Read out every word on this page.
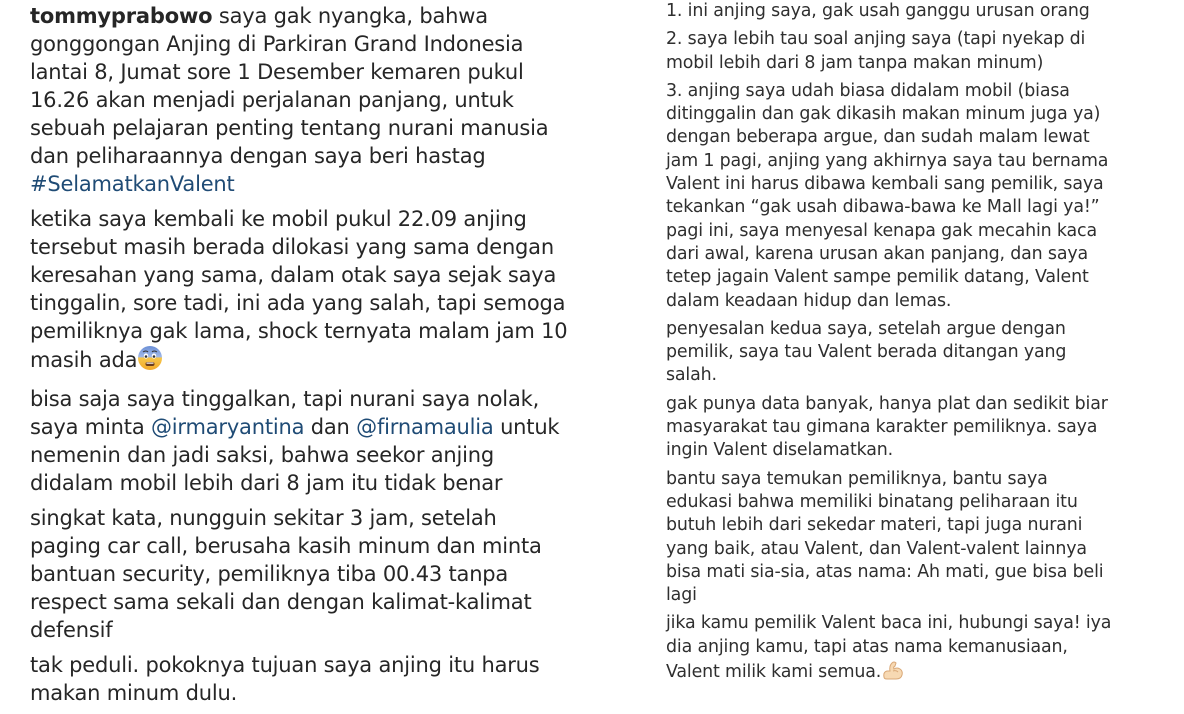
tommyprabowo saya gak nyangka, bahwa
gonggongan Anjing di Parkiran Grand Indonesia
lantai 8, Jumat sore 1 Desember kemaren pukul
16.26 akan menjadi perjalanan panjang, untuk
sebuah pelajaran penting tentang nurani manusia
dan peliharaannya dengan saya beri hastag
#SelamatkanValent

ketika saya kembali ke mobil pukul 22.09 anjing
tersebut masih berada dilokasi yang sama dengan
keresahan yang sama, dalam otak saya sejak saya
tinggalin, sore tadi, ini ada yang salah, tapi semoga
pemiliknya gak lama, shock ternyata malam jam 10
masih ada

bisa saja saya tinggalkan, tapi nurani saya nolak,
saya minta @irmaryantina dan @firnamaulia untuk
nemenin dan jadi saksi, bahwa seekor anjing
didalam mobil lebih dari 8 jam itu tidak benar

singkat kata, nungguin sekitar 3 jam, setelah
paging car call, berusaha kasih minum dan minta
bantuan security, pemiliknya tiba 00.43 tanpa
respect sama sekali dan dengan kalimat-kalimat
defensif

tak peduli. pokoknya tujuan saya anjing itu harus
makan minum dulu.

1. ini anjing saya, gak usah ganggu urusan orang

2. saya lebih tau soal anjing saya (tapi nyekap di
mobil lebih dari 8 jam tanpa makan minum)

3. anjing saya udah biasa didalam mobil (biasa
ditinggalin dan gak dikasih makan minum juga ya)
dengan beberapa argue, dan sudah malam lewat
jam 1 pagi, anjing yang akhirnya saya tau bernama
Valent ini harus dibawa kembali sang pemilik, saya
tekankan “gak usah dibawa-bawa ke Mall lagi ya!”
pagi ini, saya menyesal kenapa gak mecahin kaca
dari awal, karena urusan akan panjang, dan saya
tetep jagain Valent sampe pemilik datang, Valent
dalam keadaan hidup dan lemas.

penyesalan kedua saya, setelah argue dengan
pemilik, saya tau Valent berada ditangan yang
salah.

gak punya data banyak, hanya plat dan sedikit biar
masyarakat tau gimana karakter pemiliknya. saya
ingin Valent diselamatkan.

bantu saya temukan pemiliknya, bantu saya
edukasi bahwa memiliki binatang peliharaan itu
butuh lebih dari sekedar materi, tapi juga nurani
yang baik, atau Valent, dan Valent-valent lainnya
bisa mati sia-sia, atas nama: Ah mati, gue bisa beli
lagi

jika kamu pemilik Valent baca ini, hubungi saya! iya
dia anjing kamu, tapi atas nama kemanusiaan,
Valent milik kami semua.
